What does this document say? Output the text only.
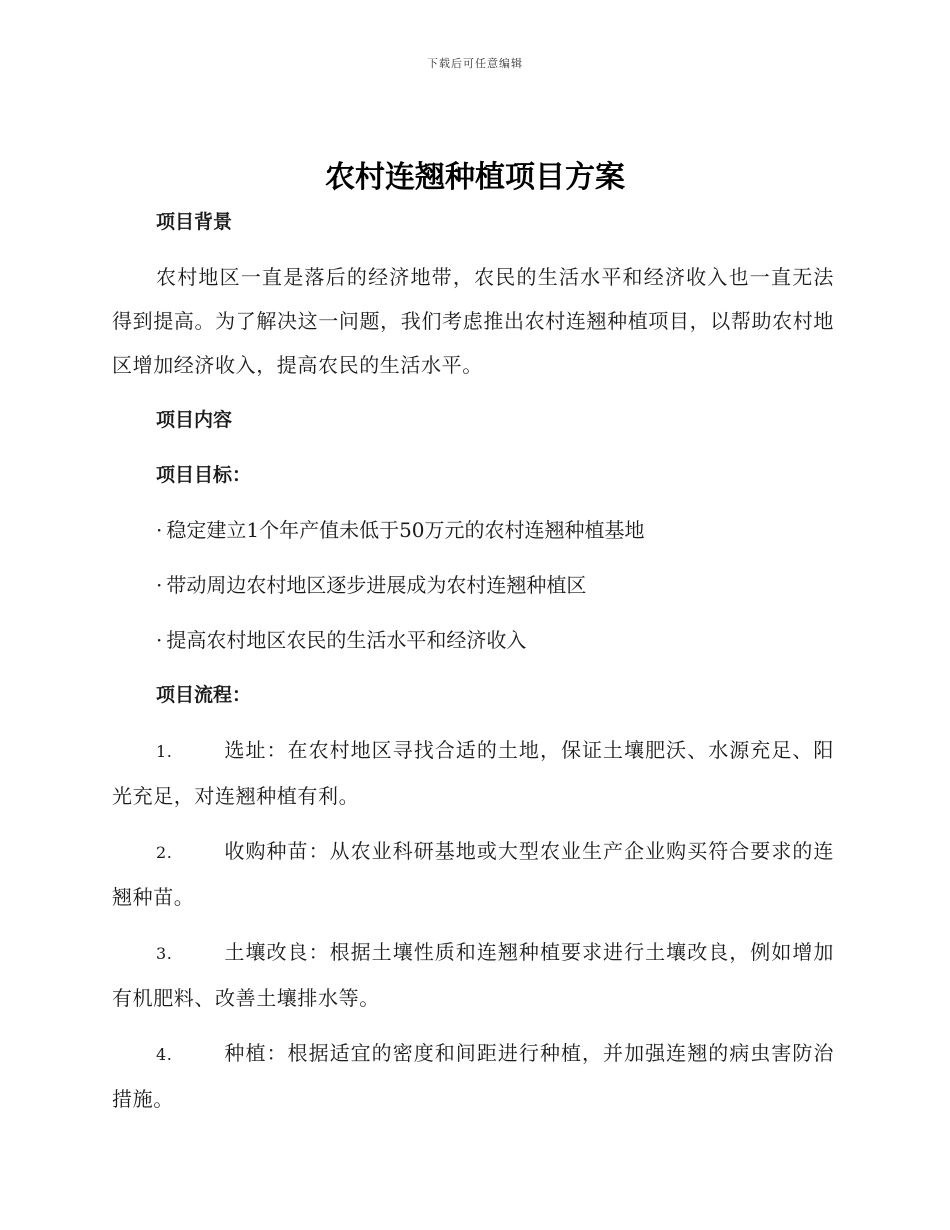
下载后可任意编辑
农村连翘种植项目方案

项目背景

农村地区一直是落后的经济地带，农民的生活水平和经济收入也一直无法得到提高。为了解决这一问题，我们考虑推出农村连翘种植项目，以帮助农村地区增加经济收入，提高农民的生活水平。

项目内容

项目目标：

· 稳定建立1个年产值未低于50万元的农村连翘种植基地

· 带动周边农村地区逐步进展成为农村连翘种植区

· 提高农村地区农民的生活水平和经济收入

项目流程：

1.	选址：在农村地区寻找合适的土地，保证土壤肥沃、水源充足、阳光充足，对连翘种植有利。

2.	收购种苗：从农业科研基地或大型农业生产企业购买符合要求的连翘种苗。

3.	土壤改良：根据土壤性质和连翘种植要求进行土壤改良，例如增加有机肥料、改善土壤排水等。

4.	种植：根据适宜的密度和间距进行种植，并加强连翘的病虫害防治措施。
